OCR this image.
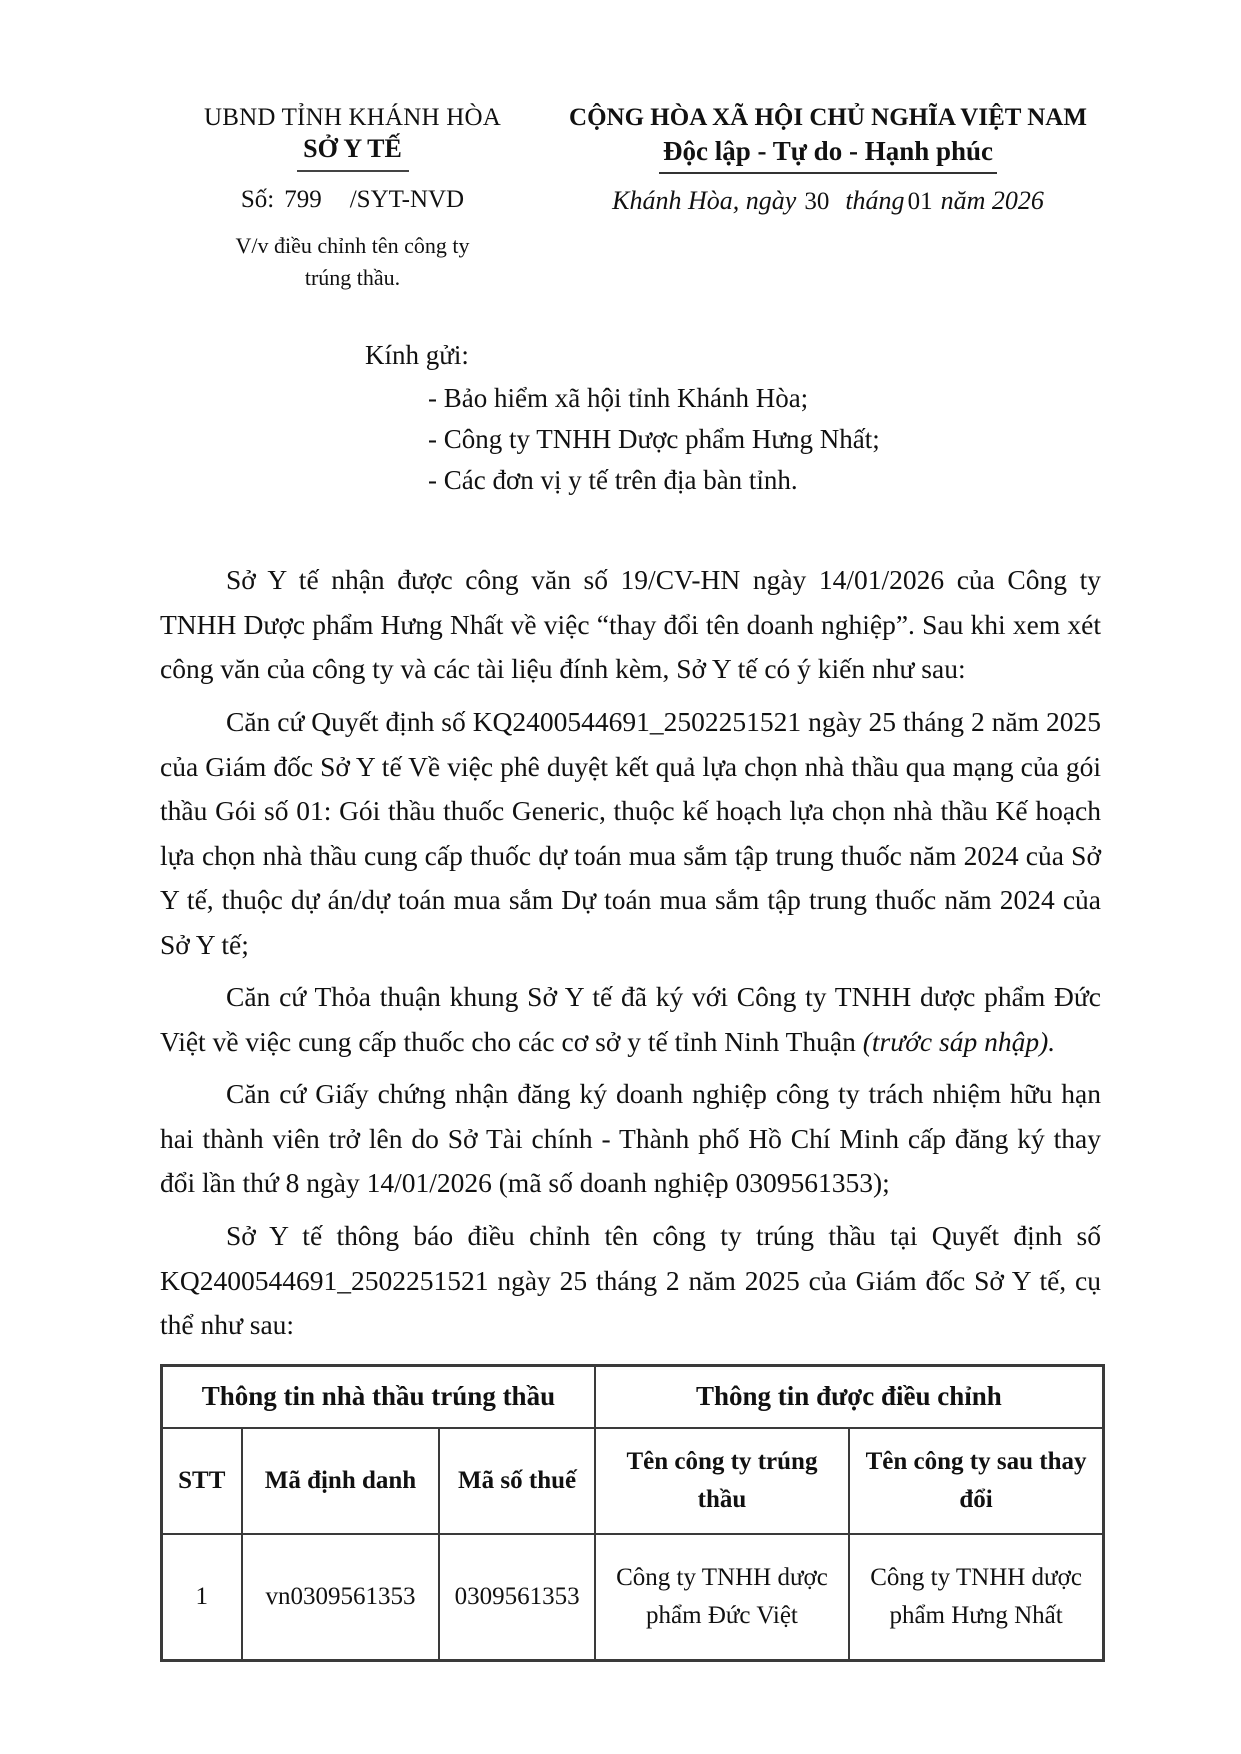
UBND TỈNH KHÁNH HÒA
SỞ Y TẾ
Số: 799 /SYT-NVD
V/v điều chỉnh tên công ty
trúng thầu.
CỘNG HÒA XÃ HỘI CHỦ NGHĨA VIỆT NAM
Độc lập - Tự do - Hạnh phúc
Khánh Hòa, ngày 30 tháng 01 năm 2026
Kính gửi:
- Bảo hiểm xã hội tỉnh Khánh Hòa;
- Công ty TNHH Dược phẩm Hưng Nhất;
- Các đơn vị y tế trên địa bàn tỉnh.

Sở Y tế nhận được công văn số 19/CV-HN ngày 14/01/2026 của Công ty TNHH Dược phẩm Hưng Nhất về việc “thay đổi tên doanh nghiệp”. Sau khi xem xét công văn của công ty và các tài liệu đính kèm, Sở Y tế có ý kiến như sau:

Căn cứ Quyết định số KQ2400544691_2502251521 ngày 25 tháng 2 năm 2025 của Giám đốc Sở Y tế Về việc phê duyệt kết quả lựa chọn nhà thầu qua mạng của gói thầu Gói số 01: Gói thầu thuốc Generic, thuộc kế hoạch lựa chọn nhà thầu Kế hoạch lựa chọn nhà thầu cung cấp thuốc dự toán mua sắm tập trung thuốc năm 2024 của Sở Y tế, thuộc dự án/dự toán mua sắm Dự toán mua sắm tập trung thuốc năm 2024 của Sở Y tế;

Căn cứ Thỏa thuận khung Sở Y tế đã ký với Công ty TNHH dược phẩm Đức Việt về việc cung cấp thuốc cho các cơ sở y tế tỉnh Ninh Thuận (trước sáp nhập).

Căn cứ Giấy chứng nhận đăng ký doanh nghiệp công ty trách nhiệm hữu hạn hai thành viên trở lên do Sở Tài chính - Thành phố Hồ Chí Minh cấp đăng ký thay đổi lần thứ 8 ngày 14/01/2026 (mã số doanh nghiệp 0309561353);

Sở Y tế thông báo điều chỉnh tên công ty trúng thầu tại Quyết định số KQ2400544691_2502251521 ngày 25 tháng 2 năm 2025 của Giám đốc Sở Y tế, cụ thể như sau:

Thông tin nhà thầu trúng thầu			Thông tin được điều chỉnh	
STT	Mã định danh	Mã số thuế	Tên công ty trúng thầu	Tên công ty sau thay đổi
1	vn0309561353	0309561353	Công ty TNHH dược phẩm Đức Việt	Công ty TNHH dược phẩm Hưng Nhất
